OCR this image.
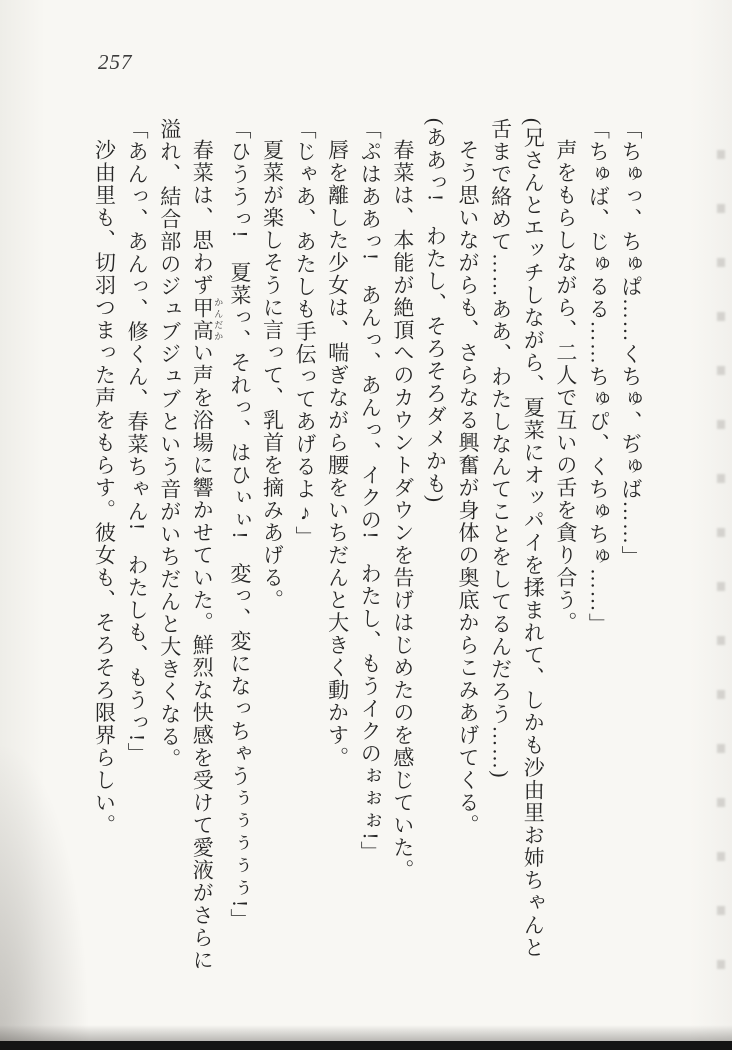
257
「ちゅっ、ちゅぱ……くちゅ、ぢゅば……」
「ちゅば、じゅるる……ちゅぴ、くちゅちゅ……」
声をもらしながら、二人で互いの舌を貪り合う。
(兄さんとエッチしながら、夏菜にオッパイを揉まれて、しかも沙由里お姉ちゃんと
舌まで絡めて……ああ、わたしなんてことをしてるんだろう……)
そう思いながらも、さらなる興奮が身体の奥底からこみあげてくる。
(ああっ!　わたし、そろそろダメかも)
春菜は、本能が絶頂へのカウントダウンを告げはじめたのを感じていた。
「ぷはああっ!　あんっ、あんっ、イクの!　わたし、もうイクのぉぉぉ!」
唇を離した少女は、喘ぎながら腰をいちだんと大きく動かす。
「じゃあ、あたしも手伝ってあげるよ♪」
夏菜が楽しそうに言って、乳首を摘みあげる。
「ひううっ!　夏菜っ、それっ、はひぃぃ!　変っ、変になっちゃうぅぅぅぅぅ!」
春菜は、思わず甲高 かんだかい声を浴場に響かせていた。鮮烈な快感を受けて愛液がさらに
溢れ、結合部のジュブジュブという音がいちだんと大きくなる。
「あんっ、あんっ、修くん、春菜ちゃん!　わたしも、もうっ!」
沙由里も、切羽つまった声をもらす。彼女も、そろそろ限界らしい。
